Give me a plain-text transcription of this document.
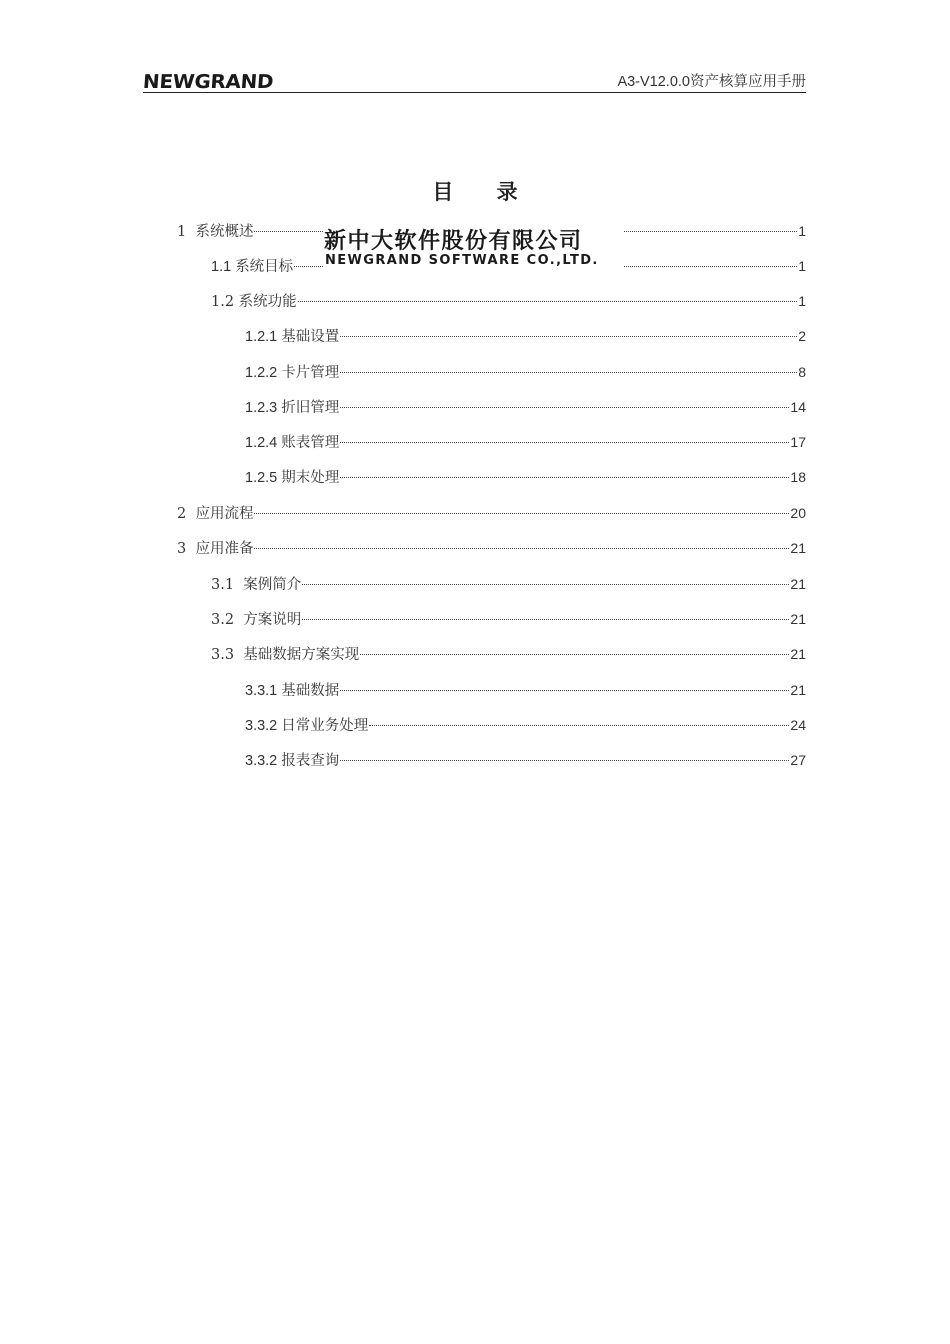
NEWGRAND	A3-V12.0.0资产核算应用手册
目 录
1 系统概述	1
1.1 系统目标	1
1.2 系统功能	1
1.2.1 基础设置	2
1.2.2 卡片管理	8
1.2.3 折旧管理	14
1.2.4 账表管理	17
1.2.5 期末处理	18
2 应用流程	20
3 应用准备	21
3.1 案例简介	21
3.2 方案说明	21
3.3 基础数据方案实现	21
3.3.1 基础数据	21
3.3.2 日常业务处理	24
3.3.2 报表查询	27
新中大软件股份有限公司
NEWGRAND SOFTWARE CO.,LTD.
